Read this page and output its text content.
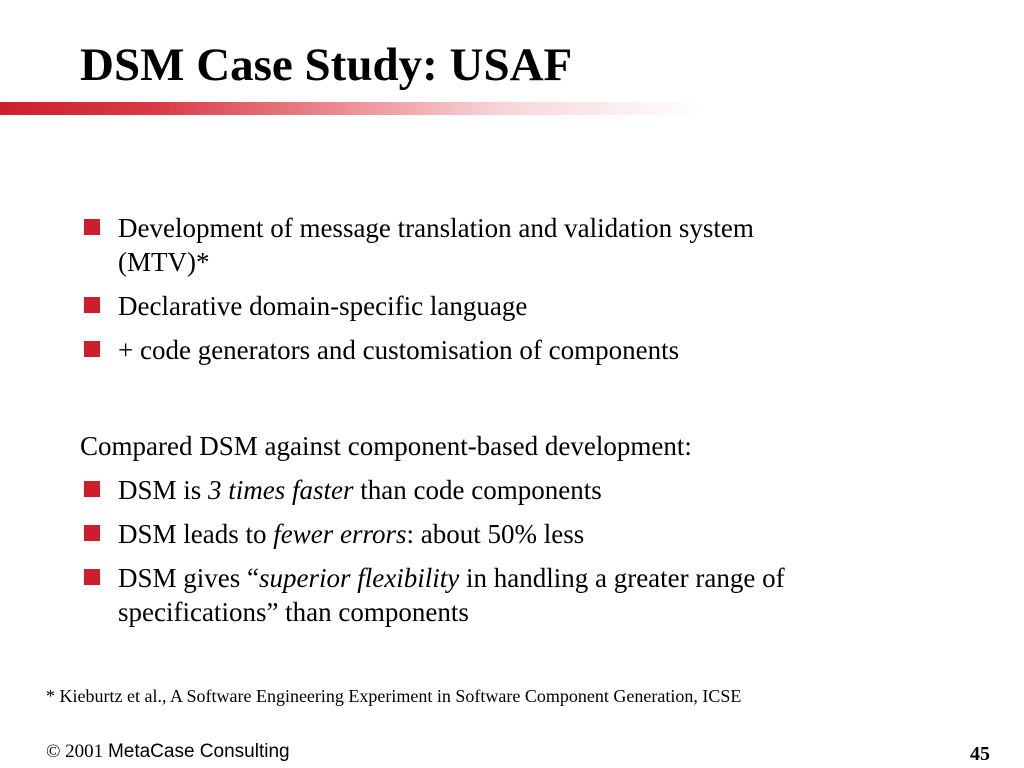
DSM Case Study: USAF
Development of message translation and validation system (MTV)*
Declarative domain-specific language
+ code generators and customisation of components

Compared DSM against component-based development:

DSM is 3 times faster than code components
DSM leads to fewer errors: about 50% less
DSM gives “superior flexibility in handling a greater range of specifications” than components

* Kieburtz et al., A Software Engineering Experiment in Software Component Generation, ICSE

© 2001 MetaCase Consulting	45
